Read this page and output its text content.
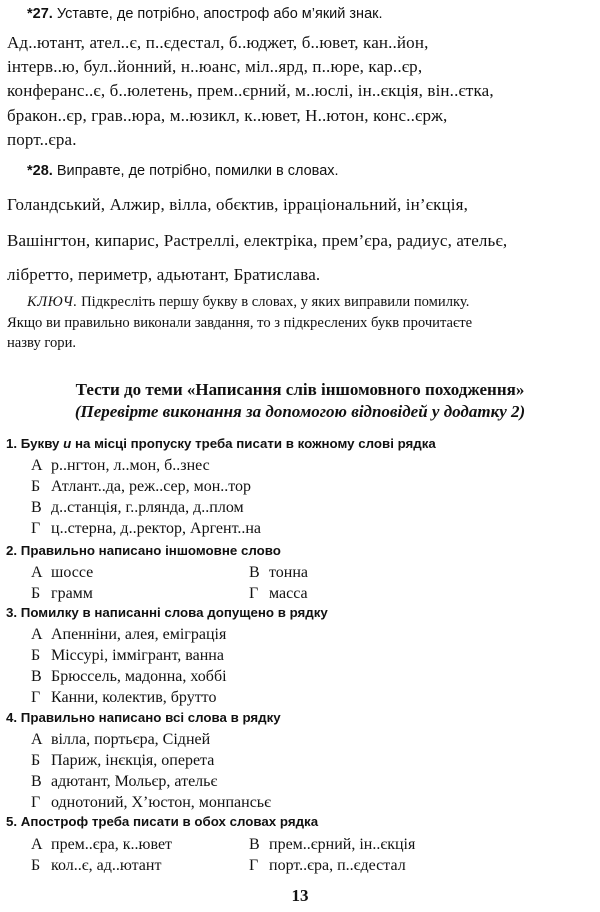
*27. Уставте, де потрібно, апостроф або м’який знак.
Ад..ютант, ател..є, п..єдестал, б..юджет, б..ювет, кан..йон,
інтерв..ю, бул..йонний, н..юанс, міл..ярд, п..юре, кар..єр,
конферанс..є, б..юлетень, прем..єрний, м..юслі, ін..єкція, він..єтка,
бракон..єр, грав..юра, м..юзикл, к..ювет, Н..ютон, конс..єрж,
порт..єра.
*28. Виправте, де потрібно, помилки в словах.
Голандський, Алжир, вілла, обєктив, ірраціональний, ін’єкція,
Вашінгтон, кипарис, Растреллі, електріка, прем’єра, радиус, ательє,
лібретто, периметр, адьютант, Братислава.
КЛЮЧ. Підкресліть першу букву в словах, у яких виправили помилку.
Якщо ви правильно виконали завдання, то з підкреслених букв прочитаєте
назву гори.
Тести до теми «Написання слів іншомовного походження»
(Перевірте виконання за допомогою відповідей у додатку 2)
1. Букву и на місці пропуску треба писати в кожному слові рядка
А р..нгтон, л..мон, б..знес
Б Атлант..да, реж..сер, мон..тор
В д..станція, г..рлянда, д..плом
Г ц..стерна, д..ректор, Аргент..на
2. Правильно написано іншомовне слово
А шоссе	В тонна
Б грамм	Г масса
3. Помилку в написанні слова допущено в рядку
А Апенніни, алея, еміграція
Б Міссурі, іммігрант, ванна
В Брюссель, мадонна, хоббі
Г Канни, колектив, брутто
4. Правильно написано всі слова в рядку
А вілла, портьєра, Сідней
Б Париж, інєкція, оперета
В адютант, Мольєр, ательє
Г однотоний, Х’юстон, монпансьє
5. Апостроф треба писати в обох словах рядка
А прем..єра, к..ювет	В прем..єрний, ін..єкція
Б кол..є, ад..ютант	Г порт..єра, п..єдестал
13
